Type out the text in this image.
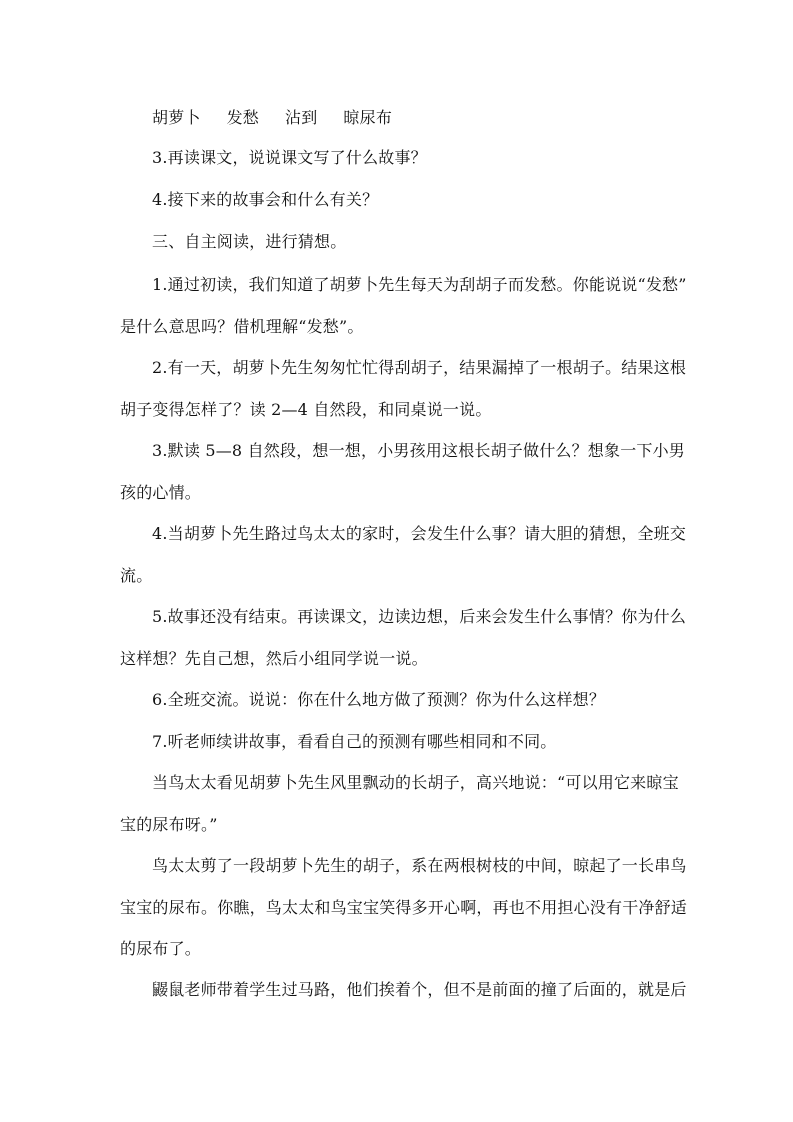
胡萝卜 发愁 沾到 晾尿布
3.再读课文，说说课文写了什么故事？
4.接下来的故事会和什么有关？
三、自主阅读，进行猜想。
1.通过初读，我们知道了胡萝卜先生每天为刮胡子而发愁。你能说说“发愁”
是什么意思吗？借机理解“发愁”。
2.有一天，胡萝卜先生匆匆忙忙得刮胡子，结果漏掉了一根胡子。结果这根
胡子变得怎样了？读 2—4 自然段，和同桌说一说。
3.默读 5—8 自然段，想一想，小男孩用这根长胡子做什么？想象一下小男
孩的心情。
4.当胡萝卜先生路过鸟太太的家时，会发生什么事？请大胆的猜想，全班交
流。
5.故事还没有结束。再读课文，边读边想，后来会发生什么事情？你为什么
这样想？先自己想，然后小组同学说一说。
6.全班交流。说说：你在什么地方做了预测？你为什么这样想？
7.听老师续讲故事，看看自己的预测有哪些相同和不同。
当鸟太太看见胡萝卜先生风里飘动的长胡子，高兴地说：“可以用它来晾宝
宝的尿布呀。”
鸟太太剪了一段胡萝卜先生的胡子，系在两根树枝的中间，晾起了一长串鸟
宝宝的尿布。你瞧，鸟太太和鸟宝宝笑得多开心啊，再也不用担心没有干净舒适
的尿布了。
鼹鼠老师带着学生过马路，他们挨着个，但不是前面的撞了后面的，就是后
